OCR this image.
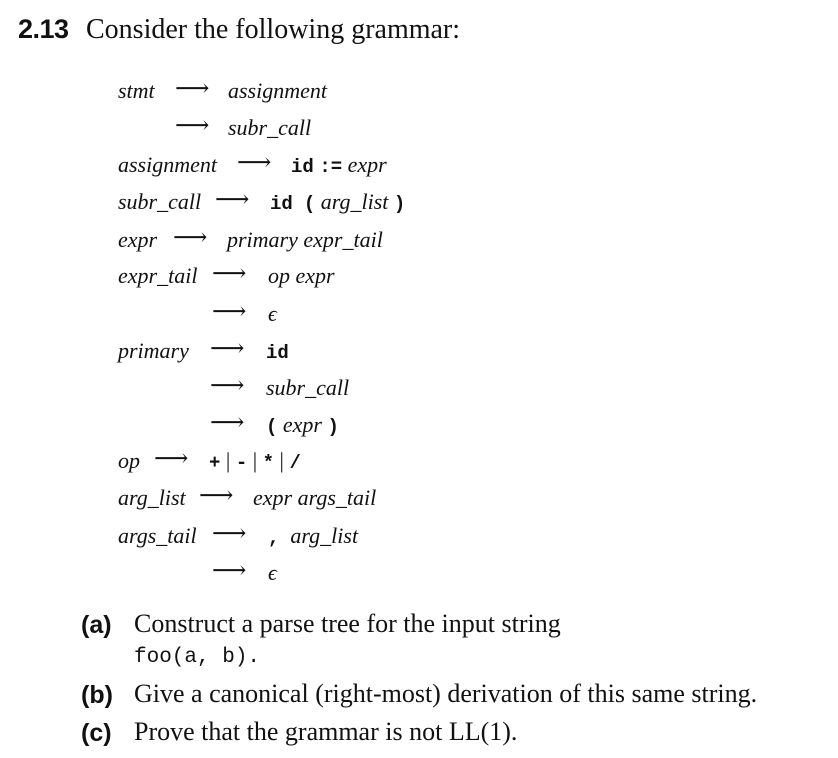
2.13 Consider the following grammar:
stmt ⟶ assignment
⟶ subr_call
assignment ⟶ id := expr
subr_call ⟶ id ( arg_list )
expr ⟶ primary expr_tail
expr_tail ⟶ op expr
⟶ ϵ
primary ⟶ id
⟶ subr_call
⟶ ( expr )
op ⟶ + | - | * | /
arg_list ⟶ expr args_tail
args_tail ⟶ , arg_list
⟶ ϵ
(a) Construct a parse tree for the input string
foo(a, b).
(b) Give a canonical (right-most) derivation of this same string.
(c) Prove that the grammar is not LL(1).
